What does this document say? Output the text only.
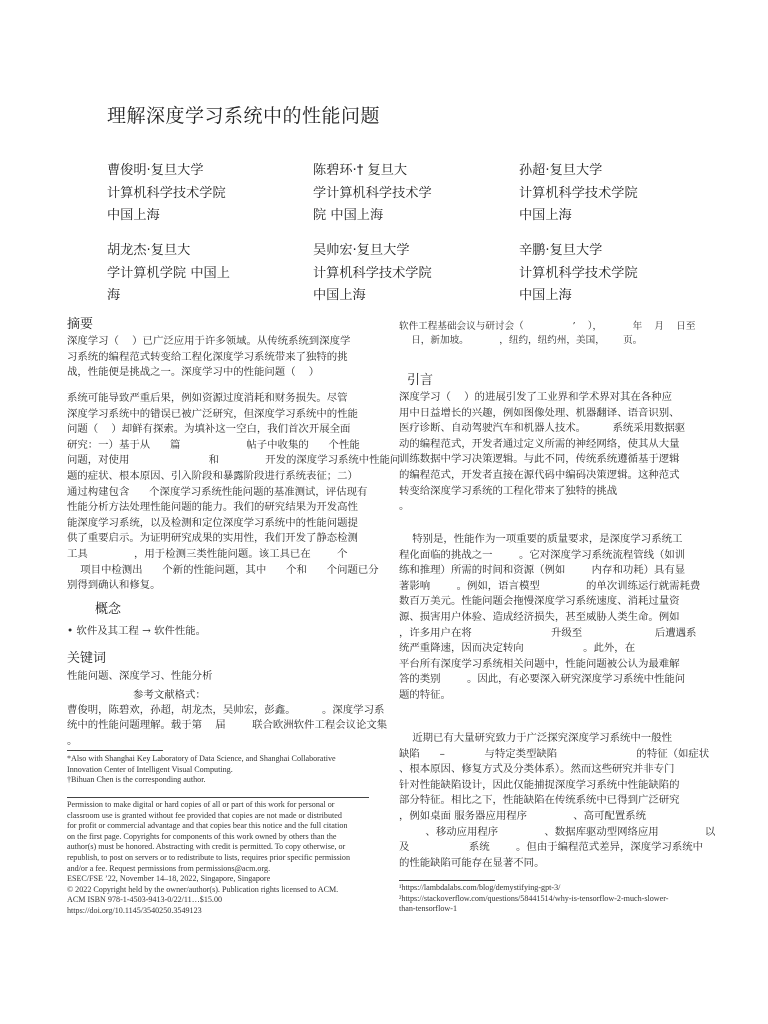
理解深度学习系统中的性能问题
曹俊明·复旦大学
计算机科学技术学院
中国上海
陈碧环·† 复旦大
学计算机科学技术学
院 中国上海
孙超·复旦大学
计算机科学技术学院
中国上海
胡龙杰·复旦大
学计算机学院 中国上
海
吴帅宏·复旦大学
计算机科学技术学院
中国上海
辛鹏·复旦大学
计算机科学技术学院
中国上海
摘要
深度学习（    ）已广泛应用于许多领域。从传统系统到深度学
习系统的编程范式转变给工程化深度学习系统带来了独特的挑
战，性能便是挑战之一。深度学习中的性能问题（    ）
系统可能导致严重后果，例如资源过度消耗和财务损失。尽管
深度学习系统中的错误已被广泛研究，但深度学习系统中的性能
问题（    ）却鲜有探索。为填补这一空白，我们首次开展全面
研究：一）基于从      篇                    帖子中收集的      个性能
问题，对使用                        和              开发的深度学习系统中性能问
题的症状、根本原因、引入阶段和暴露阶段进行系统表征；二）
通过构建包含      个深度学习系统性能问题的基准测试，评估现有
性能分析方法处理性能问题的能力。我们的研究结果为开发高性
能深度学习系统，以及检测和定位深度学习系统中的性能问题提
供了重要启示。为证明研究成果的实用性，我们开发了静态检测
工具              ，用于检测三类性能问题。该工具已在        个
项目中检测出      个新的性能问题，其中      个和      个问题已分
别得到确认和修复。
概念
• 软件及其工程 → 软件性能。
关键词
性能问题、深度学习、性能分析
参考文献格式：
曹俊明，陈碧欢，孙超，胡龙杰，吴帅宏，彭鑫。        。深度学习系
统中的性能问题理解。载于第    届        联合欧洲软件工程会议论文集
。
*Also with Shanghai Key Laboratory of Data Science, and Shanghai Collaborative
Innovation Center of Intelligent Visual Computing.
†Bihuan Chen is the corresponding author.
Permission to make digital or hard copies of all or part of this work for personal or
classroom use is granted without fee provided that copies are not made or distributed
for profit or commercial advantage and that copies bear this notice and the full citation
on the first page. Copyrights for components of this work owned by others than the
author(s) must be honored. Abstracting with credit is permitted. To copy otherwise, or
republish, to post on servers or to redistribute to lists, requires prior specific permission
and/or a fee. Request permissions from permissions@acm.org.
ESEC/FSE ’22, November 14–18, 2022, Singapore, Singapore
© 2022 Copyright held by the owner/author(s). Publication rights licensed to ACM.
ACM ISBN 978-1-4503-9413-0/22/11…$15.00
https://doi.org/10.1145/3540250.3549123
软件工程基础会议与研讨会（                ’    ），          年    月    日至
日，新加坡。          ，纽约，纽约州，美国，      页。
引言
深度学习（    ）的进展引发了工业界和学术界对其在各种应
用中日益增长的兴趣，例如图像处理、机器翻译、语音识别、
医疗诊断、自动驾驶汽车和机器人技术。        系统采用数据驱
动的编程范式，开发者通过定义所需的神经网络，使其从大量
训练数据中学习决策逻辑。与此不同，传统系统遵循基于逻辑
的编程范式，开发者直接在源代码中编码决策逻辑。这种范式
转变给深度学习系统的工程化带来了独特的挑战
。
特别是，性能作为一项重要的质量要求，是深度学习系统工
程化面临的挑战之一        。它对深度学习系统流程管线（如训
练和推理）所需的时间和资源（例如        内存和功耗）具有显
著影响        。例如，语言模型              的单次训练运行就需耗费
数百万美元。性能问题会拖慢深度学习系统速度、消耗过量资
源、损害用户体验、造成经济损失，甚至威胁人类生命。例如
，许多用户在将                        升级至                      后遭遇系
统严重降速，因而决定转向                  。此外，在
平台所有深度学习系统相关问题中，性能问题被公认为最难解
答的类别        。因此，有必要深入研究深度学习系统中性能问
题的特征。
近期已有大量研究致力于广泛探究深度学习系统中一般性
缺陷      –            与特定类型缺陷                        的特征（如症状
、根本原因、修复方式及分类体系）。然而这些研究并非专门
针对性能缺陷设计，因此仅能捕捉深度学习系统中性能缺陷的
部分特征。相比之下，性能缺陷在传统系统中已得到广泛研究
，例如桌面 服务器应用程序              、高可配置系统
、移动应用程序              、数据库驱动型网络应用              以
及                  系统        。但由于编程范式差异，深度学习系统中
的性能缺陷可能存在显著不同。
¹https://lambdalabs.com/blog/demystifying-gpt-3/
²https://stackoverflow.com/questions/58441514/why-is-tensorflow-2-much-slower-
than-tensorflow-1
